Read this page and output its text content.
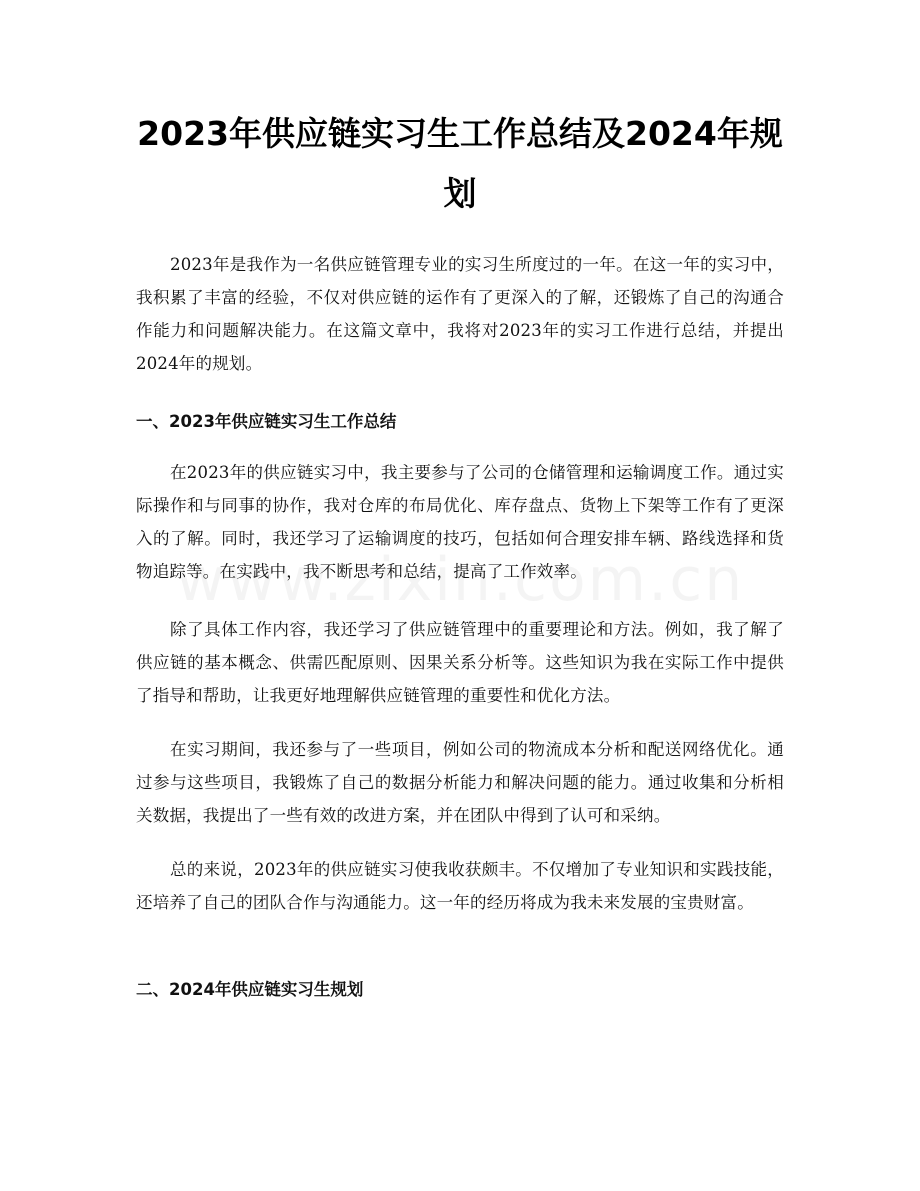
2023年供应链实习生工作总结及2024年规划

2023年是我作为一名供应链管理专业的实习生所度过的一年。在这一年的实习中，我积累了丰富的经验，不仅对供应链的运作有了更深入的了解，还锻炼了自己的沟通合作能力和问题解决能力。在这篇文章中，我将对2023年的实习工作进行总结，并提出2024年的规划。

一、2023年供应链实习生工作总结

在2023年的供应链实习中，我主要参与了公司的仓储管理和运输调度工作。通过实际操作和与同事的协作，我对仓库的布局优化、库存盘点、货物上下架等工作有了更深入的了解。同时，我还学习了运输调度的技巧，包括如何合理安排车辆、路线选择和货物追踪等。在实践中，我不断思考和总结，提高了工作效率。

除了具体工作内容，我还学习了供应链管理中的重要理论和方法。例如，我了解了供应链的基本概念、供需匹配原则、因果关系分析等。这些知识为我在实际工作中提供了指导和帮助，让我更好地理解供应链管理的重要性和优化方法。

在实习期间，我还参与了一些项目，例如公司的物流成本分析和配送网络优化。通过参与这些项目，我锻炼了自己的数据分析能力和解决问题的能力。通过收集和分析相关数据，我提出了一些有效的改进方案，并在团队中得到了认可和采纳。

总的来说，2023年的供应链实习使我收获颇丰。不仅增加了专业知识和实践技能，还培养了自己的团队合作与沟通能力。这一年的经历将成为我未来发展的宝贵财富。

二、2024年供应链实习生规划
